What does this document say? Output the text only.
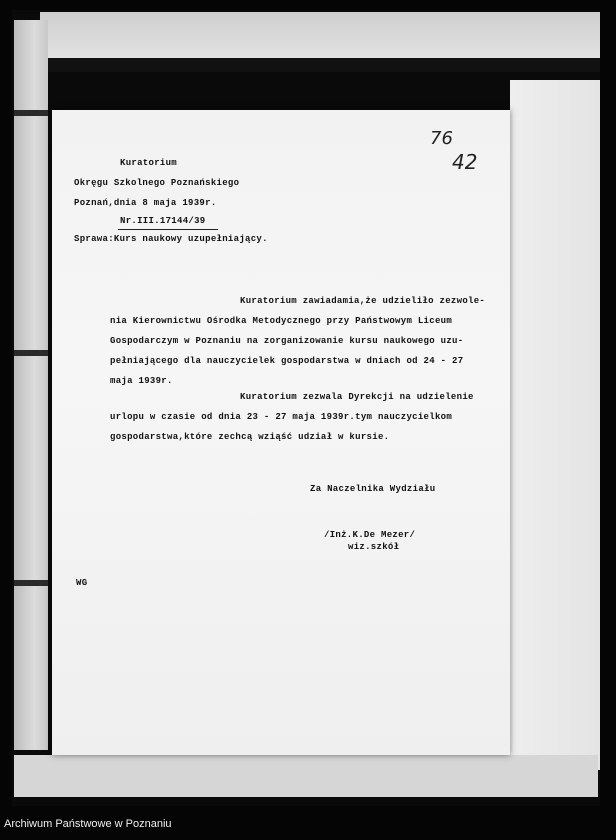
76
42
Kuratorium
Okręgu Szkolnego Poznańskiego
Poznań,dnia 8 maja 1939r.
Nr.III.17144/39
Sprawa:Kurs naukowy uzupełniający.
Kuratorium zawiadamia,że udzieliło zezwole-
nia Kierownictwu Ośrodka Metodycznego przy Państwowym Liceum
Gospodarczym w Poznaniu na zorganizowanie kursu naukowego uzu-
pełniającego dla nauczycielek gospodarstwa w dniach od 24 - 27
maja 1939r.
Kuratorium zezwala Dyrekcji na udzielenie
urlopu w czasie od dnia 23 - 27 maja 1939r.tym nauczycielkom
gospodarstwa,które zechcą wziąść udział w kursie.
Za Naczelnika Wydziału
/Inż.K.De Mezer/
wiz.szkół
WG
Archiwum Państwowe w Poznaniu
